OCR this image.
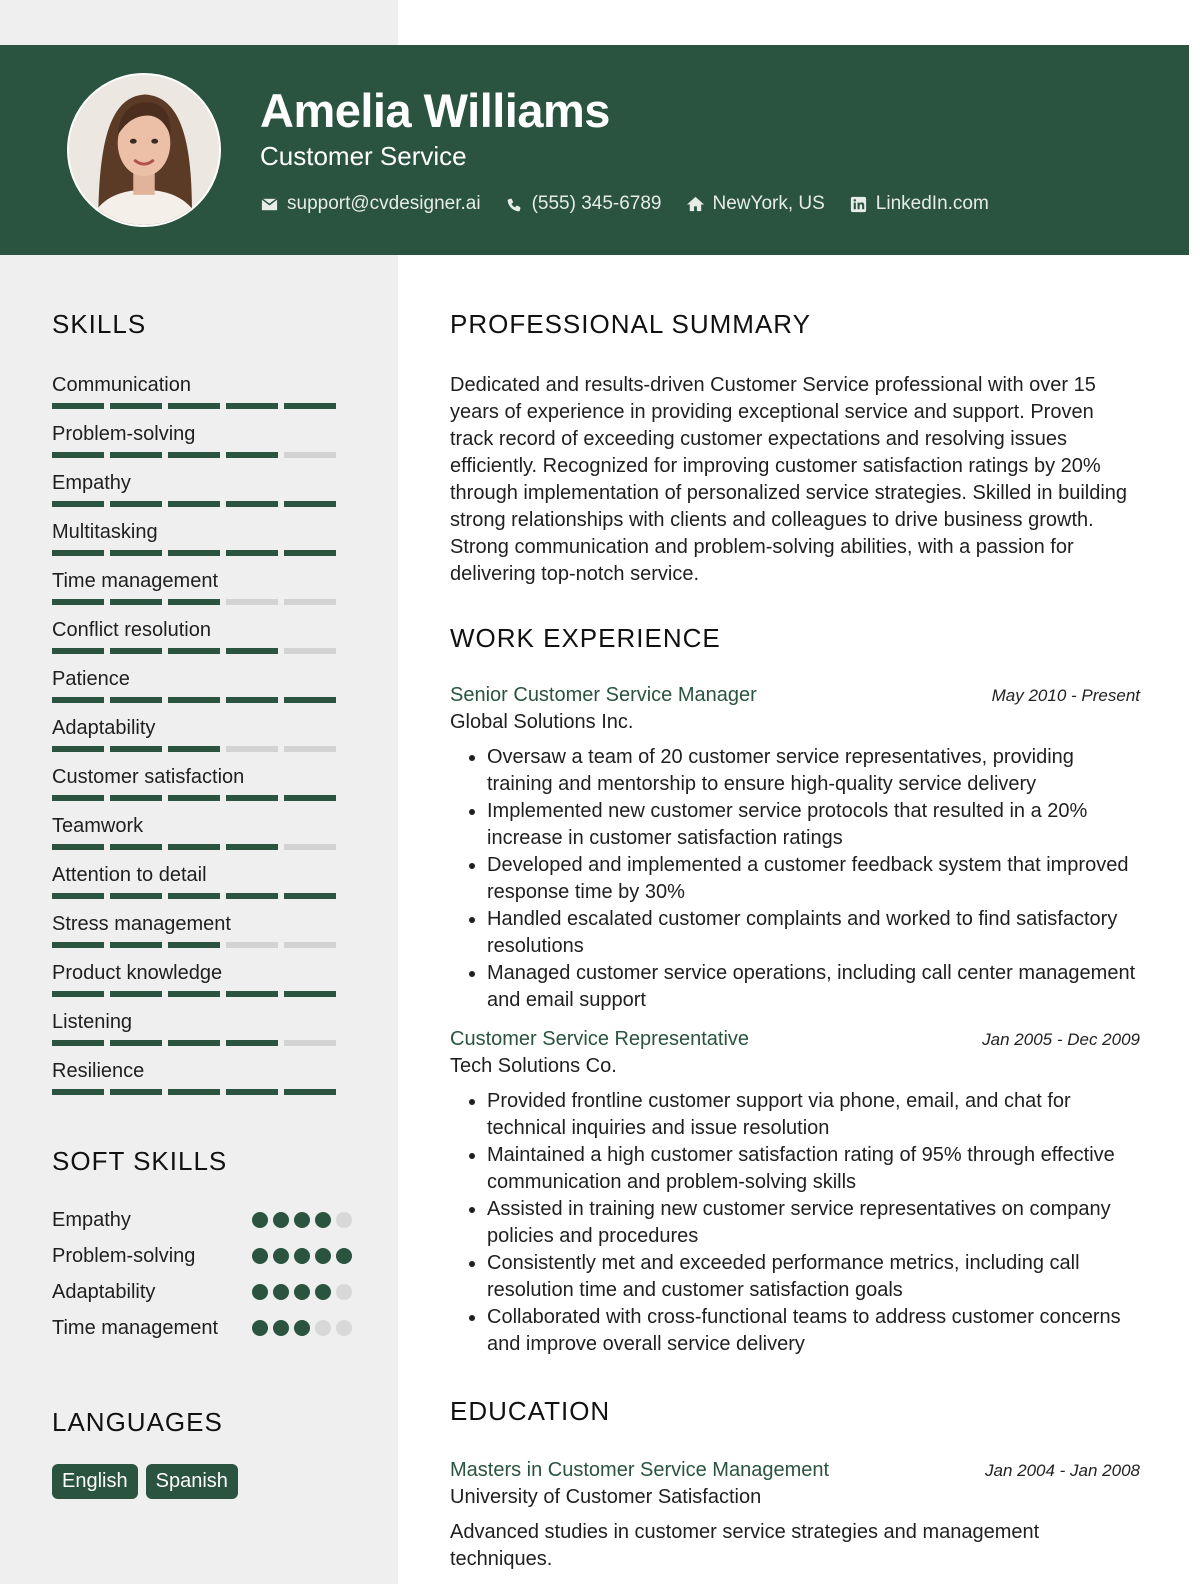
Amelia Williams
Customer Service
support@cvdesigner.ai	(555) 345-6789	NewYork, US	LinkedIn.com
SKILLS
Communication
Problem-solving
Empathy
Multitasking
Time management
Conflict resolution
Patience
Adaptability
Customer satisfaction
Teamwork
Attention to detail
Stress management
Product knowledge
Listening
Resilience
SOFT SKILLS
Empathy
Problem-solving
Adaptability
Time management
LANGUAGES
English	Spanish
PROFESSIONAL SUMMARY
Dedicated and results-driven Customer Service professional with over 15 years of experience in providing exceptional service and support. Proven track record of exceeding customer expectations and resolving issues efficiently. Recognized for improving customer satisfaction ratings by 20% through implementation of personalized service strategies. Skilled in building strong relationships with clients and colleagues to drive business growth. Strong communication and problem-solving abilities, with a passion for delivering top-notch service.
WORK EXPERIENCE
Senior Customer Service Manager	May 2010 - Present
Global Solutions Inc.
• Oversaw a team of 20 customer service representatives, providing training and mentorship to ensure high-quality service delivery
• Implemented new customer service protocols that resulted in a 20% increase in customer satisfaction ratings
• Developed and implemented a customer feedback system that improved response time by 30%
• Handled escalated customer complaints and worked to find satisfactory resolutions
• Managed customer service operations, including call center management and email support
Customer Service Representative	Jan 2005 - Dec 2009
Tech Solutions Co.
• Provided frontline customer support via phone, email, and chat for technical inquiries and issue resolution
• Maintained a high customer satisfaction rating of 95% through effective communication and problem-solving skills
• Assisted in training new customer service representatives on company policies and procedures
• Consistently met and exceeded performance metrics, including call resolution time and customer satisfaction goals
• Collaborated with cross-functional teams to address customer concerns and improve overall service delivery
EDUCATION
Masters in Customer Service Management	Jan 2004 - Jan 2008
University of Customer Satisfaction
Advanced studies in customer service strategies and management techniques.
